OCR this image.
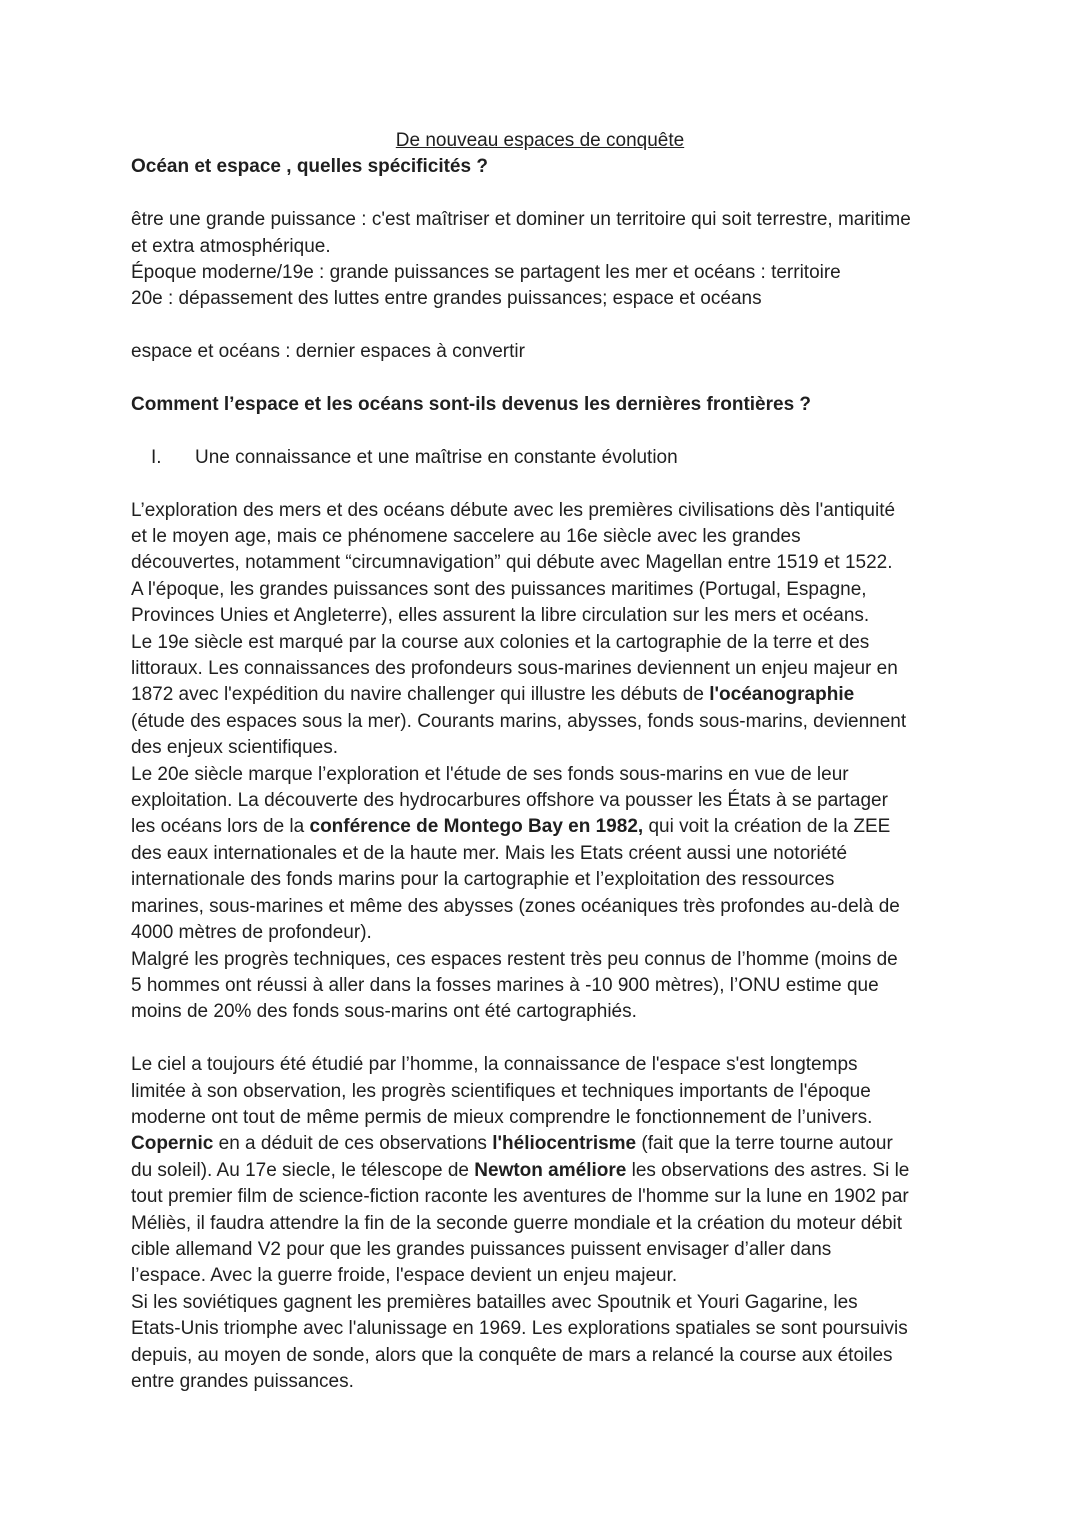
De nouveau espaces de conquête

Océan et espace , quelles spécificités ?

être une grande puissance : c'est maîtriser et dominer un territoire qui soit terrestre, maritime
et extra atmosphérique.
Époque moderne/19e : grande puissances se partagent les mer et océans : territoire
20e : dépassement des luttes entre grandes puissances; espace et océans

espace et océans : dernier espaces à convertir

Comment l’espace et les océans sont-ils devenus les dernières frontières ?

I. Une connaissance et une maîtrise en constante évolution

L’exploration des mers et des océans débute avec les premières civilisations dès l'antiquité
et le moyen age, mais ce phénomene saccelere au 16e siècle avec les grandes
découvertes, notamment “circumnavigation” qui débute avec Magellan entre 1519 et 1522.
A l'époque, les grandes puissances sont des puissances maritimes (Portugal, Espagne,
Provinces Unies et Angleterre), elles assurent la libre circulation sur les mers et océans.
Le 19e siècle est marqué par la course aux colonies et la cartographie de la terre et des
littoraux. Les connaissances des profondeurs sous-marines deviennent un enjeu majeur en
1872 avec l'expédition du navire challenger qui illustre les débuts de l'océanographie
(étude des espaces sous la mer). Courants marins, abysses, fonds sous-marins, deviennent
des enjeux scientifiques.
Le 20e siècle marque l’exploration et l'étude de ses fonds sous-marins en vue de leur
exploitation. La découverte des hydrocarbures offshore va pousser les États à se partager
les océans lors de la conférence de Montego Bay en 1982, qui voit la création de la ZEE
des eaux internationales et de la haute mer. Mais les Etats créent aussi une notoriété
internationale des fonds marins pour la cartographie et l’exploitation des ressources
marines, sous-marines et même des abysses (zones océaniques très profondes au-delà de
4000 mètres de profondeur).
Malgré les progrès techniques, ces espaces restent très peu connus de l’homme (moins de
5 hommes ont réussi à aller dans la fosses marines à -10 900 mètres), l’ONU estime que
moins de 20% des fonds sous-marins ont été cartographiés.

Le ciel a toujours été étudié par l’homme, la connaissance de l'espace s'est longtemps
limitée à son observation, les progrès scientifiques et techniques importants de l'époque
moderne ont tout de même permis de mieux comprendre le fonctionnement de l’univers.
Copernic en a déduit de ces observations l'héliocentrisme (fait que la terre tourne autour
du soleil). Au 17e siecle, le télescope de Newton améliore les observations des astres. Si le
tout premier film de science-fiction raconte les aventures de l'homme sur la lune en 1902 par
Méliès, il faudra attendre la fin de la seconde guerre mondiale et la création du moteur débit
cible allemand V2 pour que les grandes puissances puissent envisager d’aller dans
l’espace. Avec la guerre froide, l'espace devient un enjeu majeur.
Si les soviétiques gagnent les premières batailles avec Spoutnik et Youri Gagarine, les
Etats-Unis triomphe avec l'alunissage en 1969. Les explorations spatiales se sont poursuivis
depuis, au moyen de sonde, alors que la conquête de mars a relancé la course aux étoiles
entre grandes puissances.
